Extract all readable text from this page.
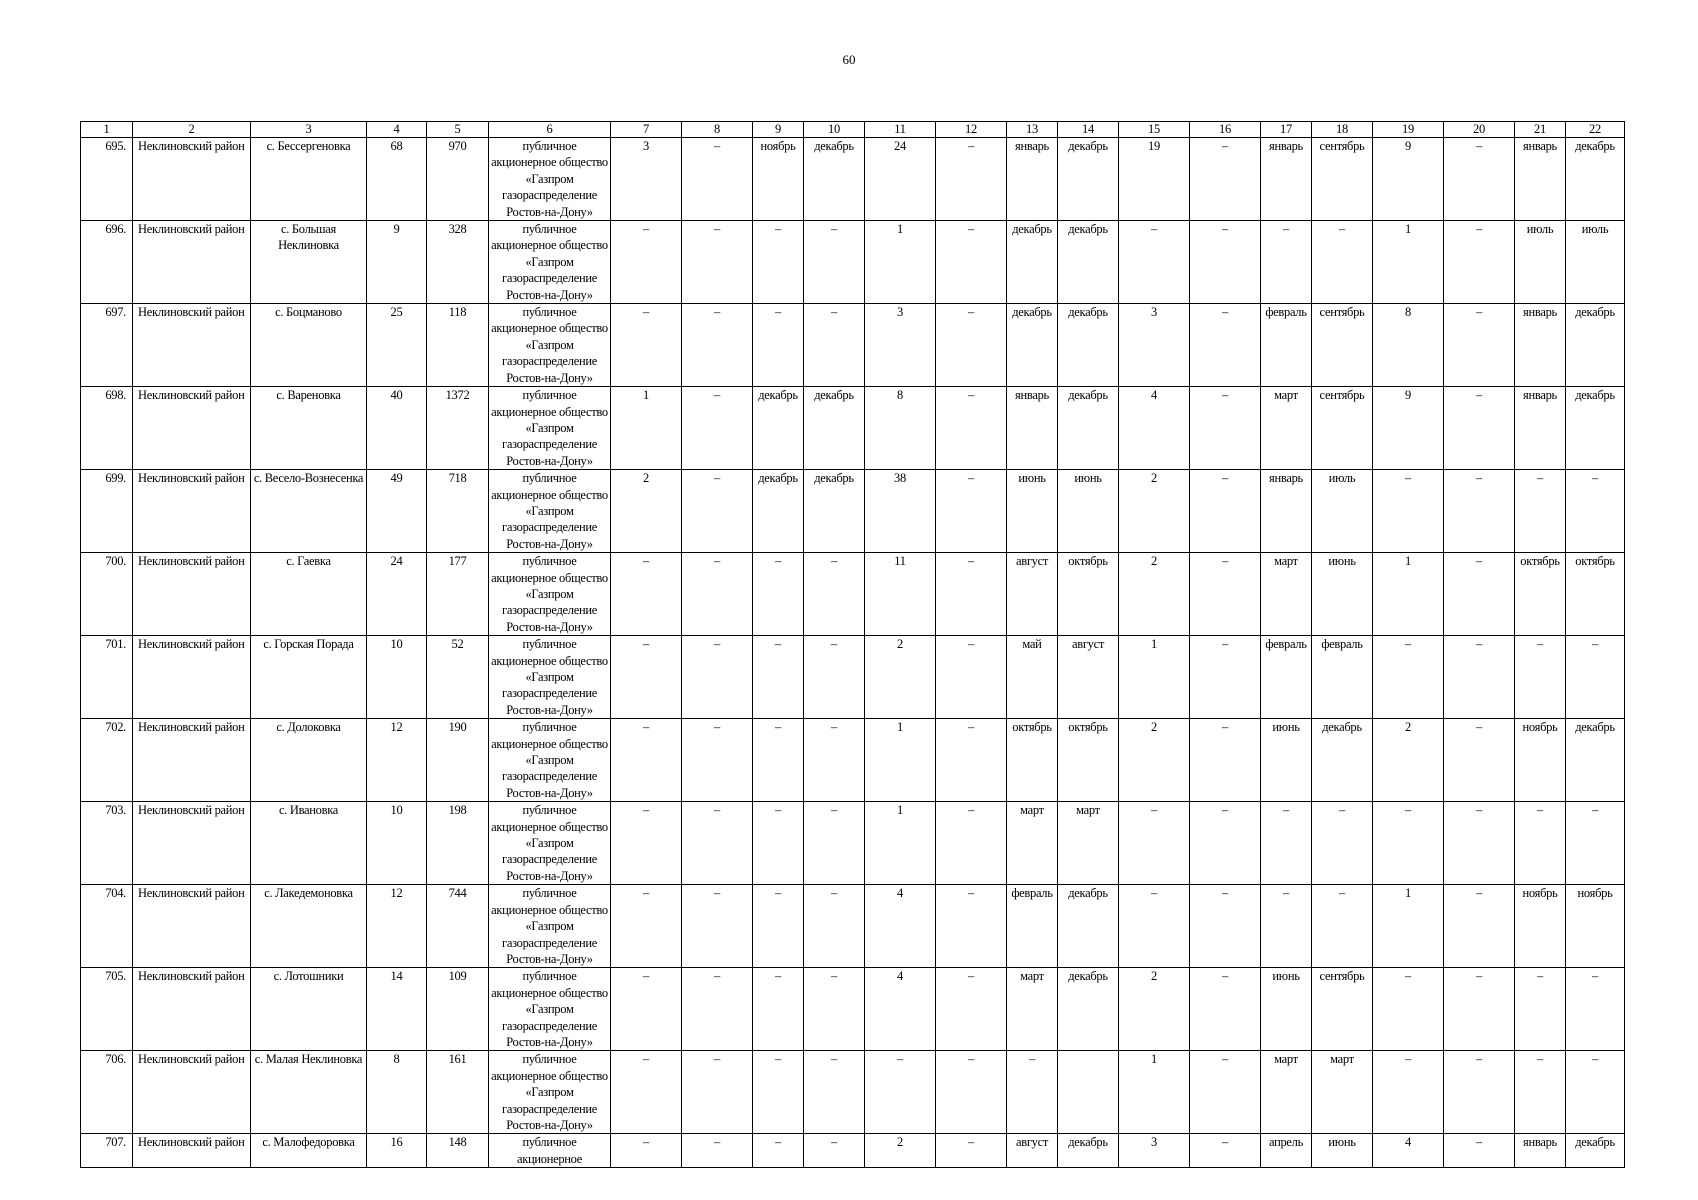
60
1	2	3	4	5	6	7	8	9	10	11	12	13	14	15	16	17	18	19	20	21	22
695.	Неклиновский район	с. Бессергеновка	68	970	публичное акционерное общество «Газпром газораспределение Ростов-на-Дону»	3	–	ноябрь	декабрь	24	–	январь	декабрь	19	–	январь	сентябрь	9	–	январь	декабрь
696.	Неклиновский район	с. Большая Неклиновка	9	328	публичное акционерное общество «Газпром газораспределение Ростов-на-Дону»	–	–	–	–	1	–	декабрь	декабрь	–	–	–	–	1	–	июль	июль
697.	Неклиновский район	с. Боцманово	25	118	публичное акционерное общество «Газпром газораспределение Ростов-на-Дону»	–	–	–	–	3	–	декабрь	декабрь	3	–	февраль	сентябрь	8	–	январь	декабрь
698.	Неклиновский район	с. Вареновка	40	1372	публичное акционерное общество «Газпром газораспределение Ростов-на-Дону»	1	–	декабрь	декабрь	8	–	январь	декабрь	4	–	март	сентябрь	9	–	январь	декабрь
699.	Неклиновский район	с. Весело-Вознесенка	49	718	публичное акционерное общество «Газпром газораспределение Ростов-на-Дону»	2	–	декабрь	декабрь	38	–	июнь	июнь	2	–	январь	июль	–	–	–	–
700.	Неклиновский район	с. Гаевка	24	177	публичное акционерное общество «Газпром газораспределение Ростов-на-Дону»	–	–	–	–	11	–	август	октябрь	2	–	март	июнь	1	–	октябрь	октябрь
701.	Неклиновский район	с. Горская Порада	10	52	публичное акционерное общество «Газпром газораспределение Ростов-на-Дону»	–	–	–	–	2	–	май	август	1	–	февраль	февраль	–	–	–	–
702.	Неклиновский район	с. Долоковка	12	190	публичное акционерное общество «Газпром газораспределение Ростов-на-Дону»	–	–	–	–	1	–	октябрь	октябрь	2	–	июнь	декабрь	2	–	ноябрь	декабрь
703.	Неклиновский район	с. Ивановка	10	198	публичное акционерное общество «Газпром газораспределение Ростов-на-Дону»	–	–	–	–	1	–	март	март	–	–	–	–	–	–	–	–
704.	Неклиновский район	с. Лакедемоновка	12	744	публичное акционерное общество «Газпром газораспределение Ростов-на-Дону»	–	–	–	–	4	–	февраль	декабрь	–	–	–	–	1	–	ноябрь	ноябрь
705.	Неклиновский район	с. Лотошники	14	109	публичное акционерное общество «Газпром газораспределение Ростов-на-Дону»	–	–	–	–	4	–	март	декабрь	2	–	июнь	сентябрь	–	–	–	–
706.	Неклиновский район	с. Малая Неклиновка	8	161	публичное акционерное общество «Газпром газораспределение Ростов-на-Дону»	–	–	–	–	–	–	–		1	–	март	март	–	–	–	–
707.	Неклиновский район	с. Малофедоровка	16	148	публичное акционерное	–	–	–	–	2	–	август	декабрь	3	–	апрель	июнь	4	–	январь	декабрь
